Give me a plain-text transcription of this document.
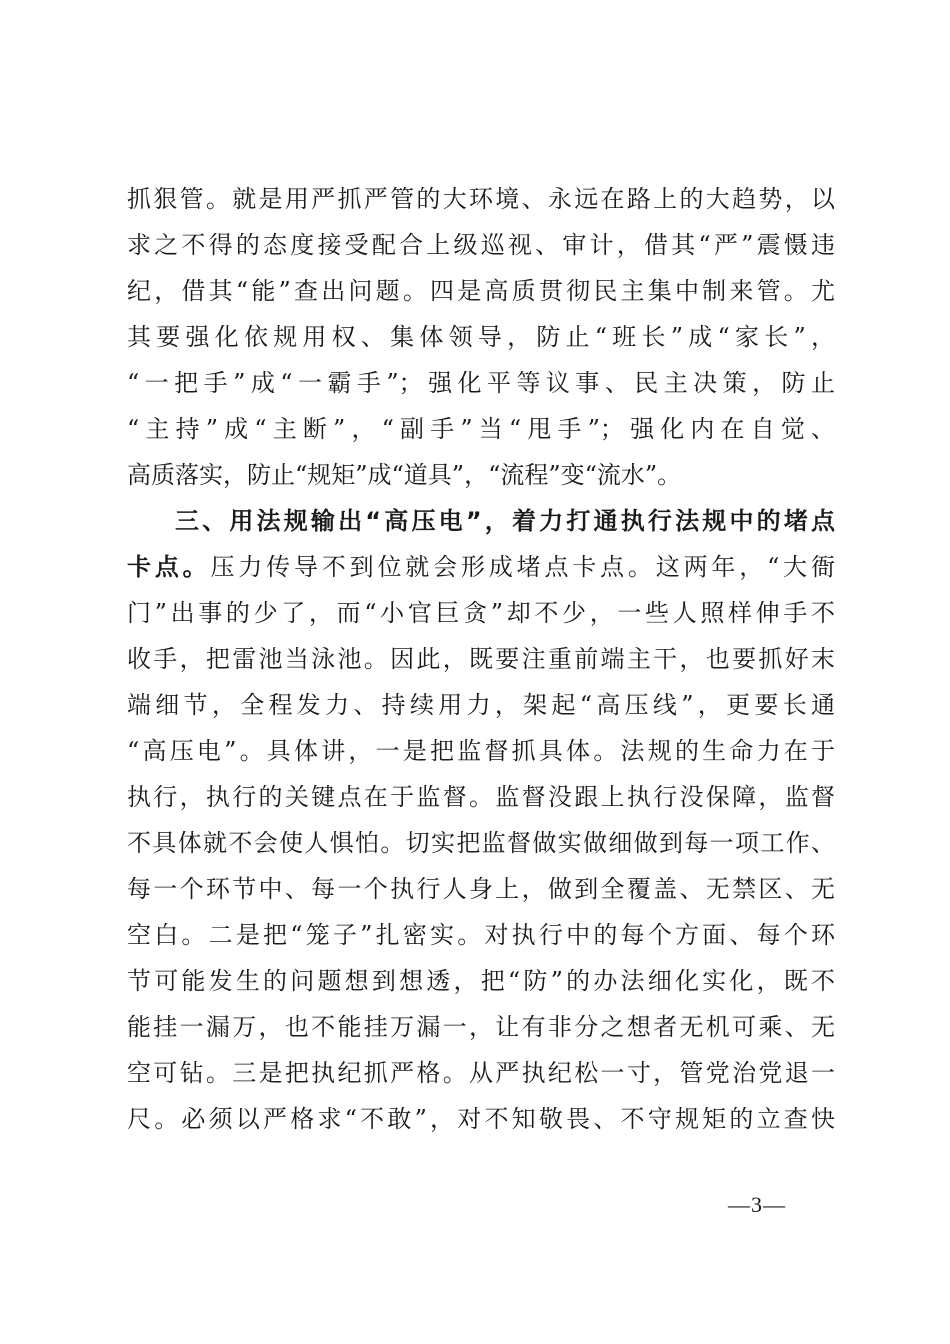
抓狠管。就是用严抓严管的大环境、永远在路上的大趋势，以
求之不得的态度接受配合上级巡视、审计，借其“严”震慑违
纪，借其“能”查出问题。四是高质贯彻民主集中制来管。尤
其要强化依规用权、集体领导，防止“班长”成“家长”，
“一把手”成“一霸手”；强化平等议事、民主决策，防止
“主持”成“主断”，“副手”当“甩手”；强化内在自觉、
高质落实，防止“规矩”成“道具”，“流程”变“流水”。
三、用法规输出“高压电”，着力打通执行法规中的堵点
卡点。压力传导不到位就会形成堵点卡点。这两年，“大衙
门”出事的少了，而“小官巨贪”却不少，一些人照样伸手不
收手，把雷池当泳池。因此，既要注重前端主干，也要抓好末
端细节，全程发力、持续用力，架起“高压线”，更要长通
“高压电”。具体讲，一是把监督抓具体。法规的生命力在于
执行，执行的关键点在于监督。监督没跟上执行没保障，监督
不具体就不会使人惧怕。切实把监督做实做细做到每一项工作、
每一个环节中、每一个执行人身上，做到全覆盖、无禁区、无
空白。二是把“笼子”扎密实。对执行中的每个方面、每个环
节可能发生的问题想到想透，把“防”的办法细化实化，既不
能挂一漏万，也不能挂万漏一，让有非分之想者无机可乘、无
空可钻。三是把执纪抓严格。从严执纪松一寸，管党治党退一
尺。必须以严格求“不敢”，对不知敬畏、不守规矩的立查快
—3—
